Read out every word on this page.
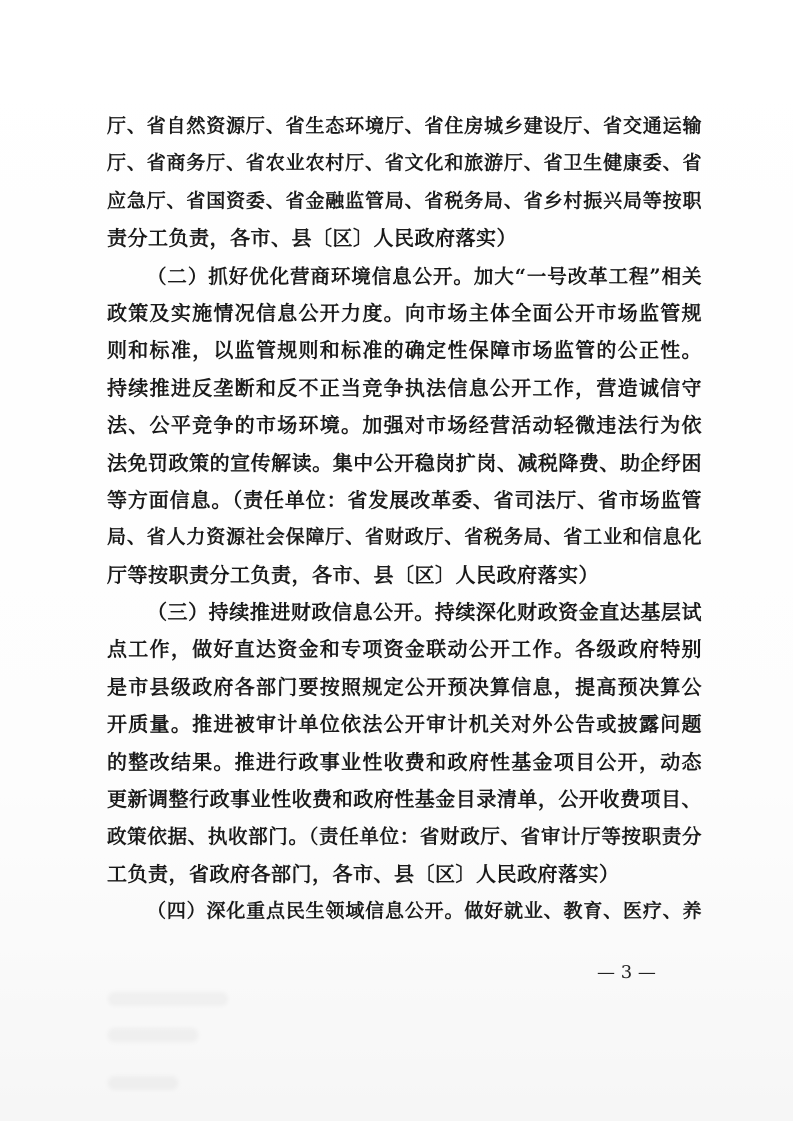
厅、省自然资源厅、省生态环境厅、省住房城乡建设厅、省交通运输
厅、省商务厅、省农业农村厅、省文化和旅游厅、省卫生健康委、省
应急厅、省国资委、省金融监管局、省税务局、省乡村振兴局等按职
责分工负责，各市、县〔区〕人民政府落实）
（二）抓好优化营商环境信息公开。加大“一号改革工程”相关
政策及实施情况信息公开力度。向市场主体全面公开市场监管规
则和标准，以监管规则和标准的确定性保障市场监管的公正性。
持续推进反垄断和反不正当竞争执法信息公开工作，营造诚信守
法、公平竞争的市场环境。加强对市场经营活动轻微违法行为依
法免罚政策的宣传解读。集中公开稳岗扩岗、减税降费、助企纾困
等方面信息。（责任单位：省发展改革委、省司法厅、省市场监管
局、省人力资源社会保障厅、省财政厅、省税务局、省工业和信息化
厅等按职责分工负责，各市、县〔区〕人民政府落实）
（三）持续推进财政信息公开。持续深化财政资金直达基层试
点工作，做好直达资金和专项资金联动公开工作。各级政府特别
是市县级政府各部门要按照规定公开预决算信息，提高预决算公
开质量。推进被审计单位依法公开审计机关对外公告或披露问题
的整改结果。推进行政事业性收费和政府性基金项目公开，动态
更新调整行政事业性收费和政府性基金目录清单，公开收费项目、
政策依据、执收部门。（责任单位：省财政厅、省审计厅等按职责分
工负责，省政府各部门，各市、县〔区〕人民政府落实）
（四）深化重点民生领域信息公开。做好就业、教育、医疗、养
— 3 —
